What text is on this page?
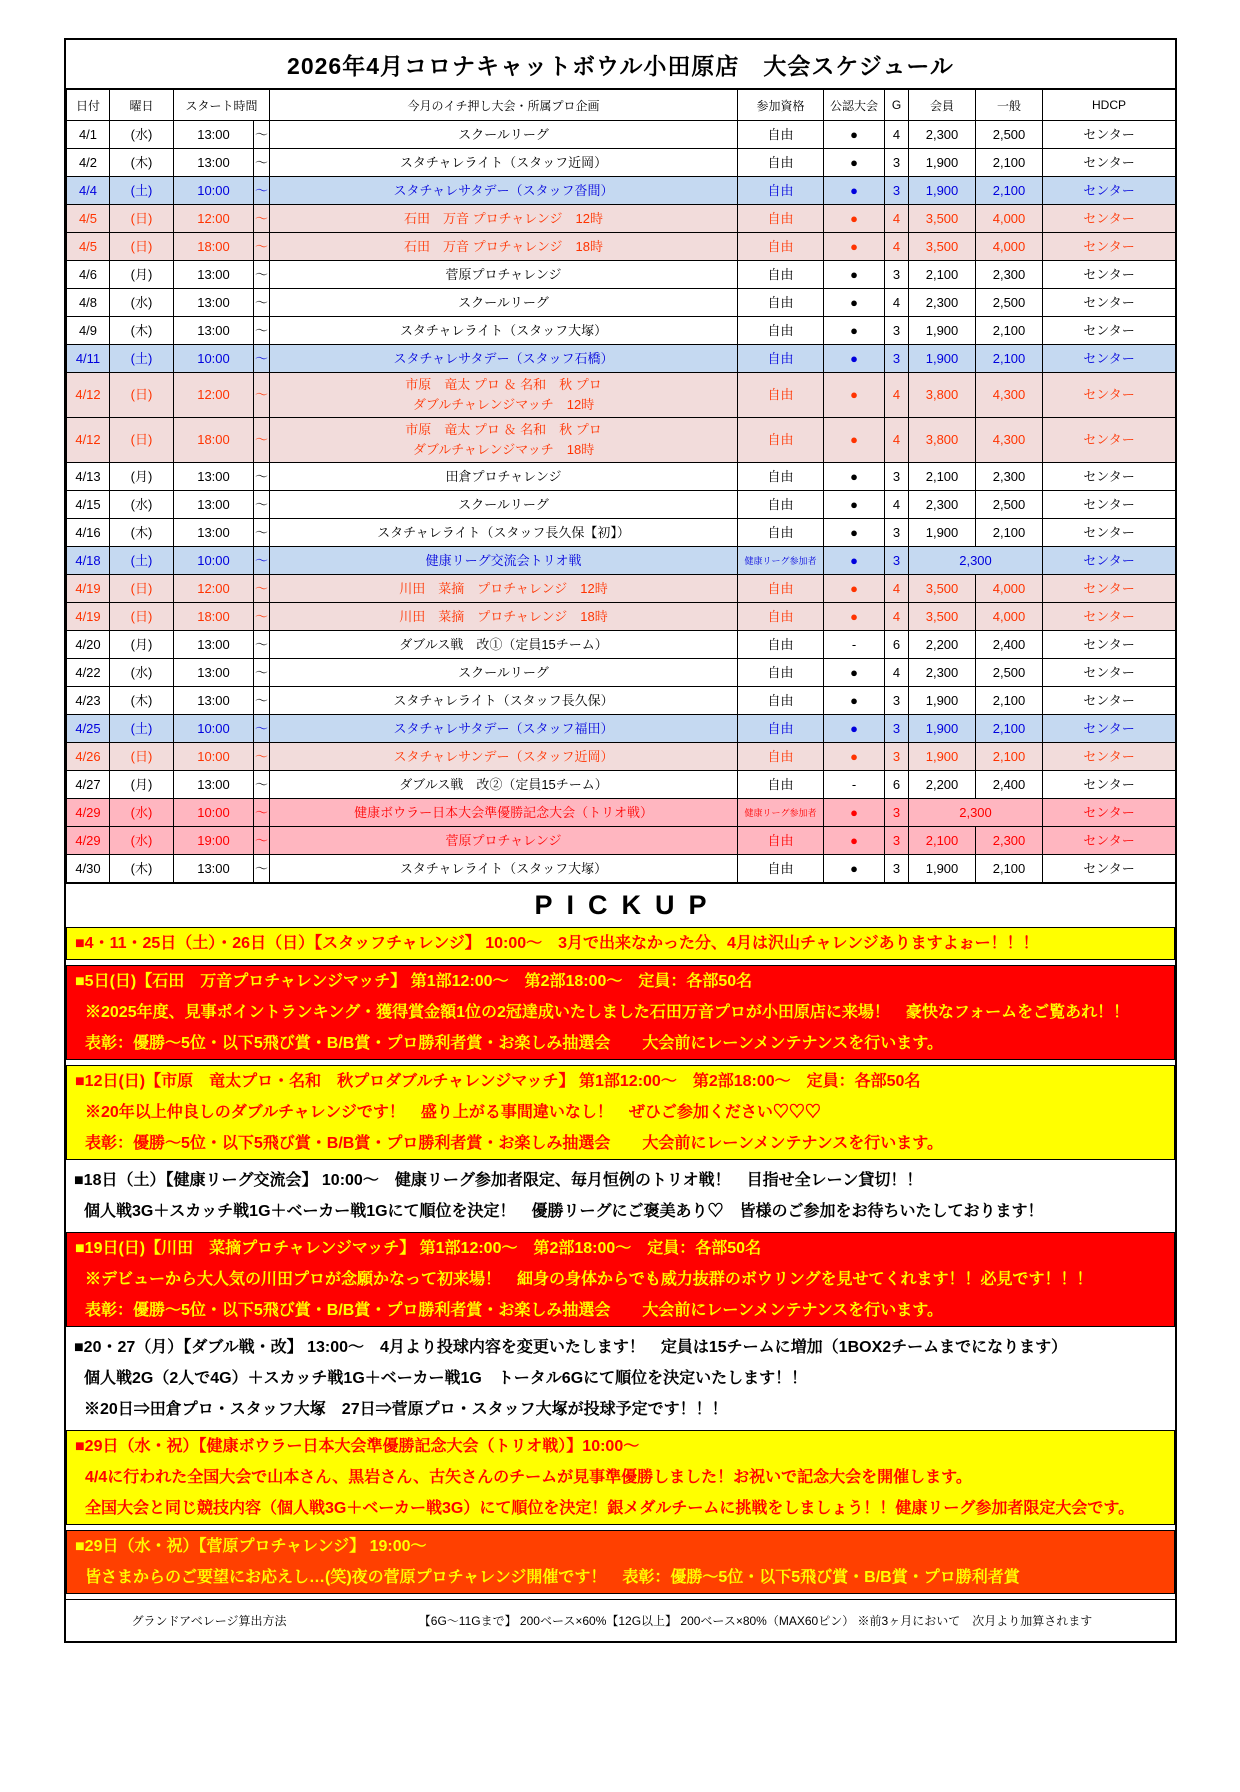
2026年4月コロナキャットボウル小田原店　大会スケジュール
日付	曜日	スタート時間		今月のイチ押し大会・所属プロ企画	参加資格	公認大会	G	会員	一般	HDCP
4/1	(水)	13:00	～	スクールリーグ	自由	●	4	2,300	2,500	センター
4/2	(木)	13:00	～	スタチャレライト（スタッフ近岡）	自由	●	3	1,900	2,100	センター
4/4	(土)	10:00	～	スタチャレサタデー（スタッフ沓間）	自由	●	3	1,900	2,100	センター
4/5	(日)	12:00	～	石田　万音 プロチャレンジ　12時	自由	●	4	3,500	4,000	センター
4/5	(日)	18:00	～	石田　万音 プロチャレンジ　18時	自由	●	4	3,500	4,000	センター
4/6	(月)	13:00	～	菅原プロチャレンジ	自由	●	3	2,100	2,300	センター
4/8	(水)	13:00	～	スクールリーグ	自由	●	4	2,300	2,500	センター
4/9	(木)	13:00	～	スタチャレライト（スタッフ大塚）	自由	●	3	1,900	2,100	センター
4/11	(土)	10:00	～	スタチャレサタデー（スタッフ石橋）	自由	●	3	1,900	2,100	センター
4/12	(日)	12:00	～	市原　竜太 プロ ＆ 名和　秋 プロ
ダブルチャレンジマッチ　12時	自由	●	4	3,800	4,300	センター
4/12	(日)	18:00	～	市原　竜太 プロ ＆ 名和　秋 プロ
ダブルチャレンジマッチ　18時	自由	●	4	3,800	4,300	センター
4/13	(月)	13:00	～	田倉プロチャレンジ	自由	●	3	2,100	2,300	センター
4/15	(水)	13:00	～	スクールリーグ	自由	●	4	2,300	2,500	センター
4/16	(木)	13:00	～	スタチャレライト（スタッフ長久保【初】）	自由	●	3	1,900	2,100	センター
4/18	(土)	10:00	～	健康リーグ交流会トリオ戦	健康リーグ参加者	●	3	2,300		センター
4/19	(日)	12:00	～	川田　菜摘　プロチャレンジ　12時	自由	●	4	3,500	4,000	センター
4/19	(日)	18:00	～	川田　菜摘　プロチャレンジ　18時	自由	●	4	3,500	4,000	センター
4/20	(月)	13:00	～	ダブルス戦　改①（定員15チーム）	自由	-	6	2,200	2,400	センター
4/22	(水)	13:00	～	スクールリーグ	自由	●	4	2,300	2,500	センター
4/23	(木)	13:00	～	スタチャレライト（スタッフ長久保）	自由	●	3	1,900	2,100	センター
4/25	(土)	10:00	～	スタチャレサタデー（スタッフ福田）	自由	●	3	1,900	2,100	センター
4/26	(日)	10:00	～	スタチャレサンデー（スタッフ近岡）	自由	●	3	1,900	2,100	センター
4/27	(月)	13:00	～	ダブルス戦　改②（定員15チーム）	自由	-	6	2,200	2,400	センター
4/29	(水)	10:00	～	健康ボウラー日本大会準優勝記念大会（トリオ戦）	健康リーグ参加者	●	3	2,300		センター
4/29	(水)	19:00	～	菅原プロチャレンジ	自由	●	3	2,100	2,300	センター
4/30	(木)	13:00	～	スタチャレライト（スタッフ大塚）	自由	●	3	1,900	2,100	センター
PICKUP
■4・11・25日（土）・26日（日）【スタッフチャレンジ】 10:00～　3月で出来なかった分、4月は沢山チャレンジありますよぉー！！！
■5日(日)【石田　万音プロチャレンジマッチ】 第1部12:00～　第2部18:00～　定員：各部50名
※2025年度、見事ポイントランキング・獲得賞金額1位の2冠達成いたしました石田万音プロが小田原店に来場！　豪快なフォームをご覧あれ！！
表彰：優勝～5位・以下5飛び賞・B/B賞・プロ勝利者賞・お楽しみ抽選会　　大会前にレーンメンテナンスを行います。
■12日(日)【市原　竜太プロ・名和　秋プロダブルチャレンジマッチ】 第1部12:00～　第2部18:00～　定員：各部50名
※20年以上仲良しのダブルチャレンジです！　盛り上がる事間違いなし！　ぜひご参加ください♡♡♡
表彰：優勝～5位・以下5飛び賞・B/B賞・プロ勝利者賞・お楽しみ抽選会　　大会前にレーンメンテナンスを行います。
■18日（土）【健康リーグ交流会】 10:00～　健康リーグ参加者限定、毎月恒例のトリオ戦！　目指せ全レーン貸切！！
個人戦3G＋スカッチ戦1G＋ベーカー戦1Gにて順位を決定！　優勝リーグにご褒美あり♡　皆様のご参加をお待ちいたしております！
■19日(日)【川田　菜摘プロチャレンジマッチ】 第1部12:00～　第2部18:00～　定員：各部50名
※デビューから大人気の川田プロが念願かなって初来場！　細身の身体からでも威力抜群のボウリングを見せてくれます！！必見です！！！
表彰：優勝～5位・以下5飛び賞・B/B賞・プロ勝利者賞・お楽しみ抽選会　　大会前にレーンメンテナンスを行います。
■20・27（月）【ダブル戦・改】 13:00～　4月より投球内容を変更いたします！　定員は15チームに増加（1BOX2チームまでになります）
個人戦2G（2人で4G）＋スカッチ戦1G＋ベーカー戦1G　トータル6Gにて順位を決定いたします！！
※20日⇒田倉プロ・スタッフ大塚　27日⇒菅原プロ・スタッフ大塚が投球予定です！！！
■29日（水・祝）【健康ボウラー日本大会準優勝記念大会（トリオ戦）】10:00～
4/4に行われた全国大会で山本さん、黒岩さん、古矢さんのチームが見事準優勝しました！お祝いで記念大会を開催します。
全国大会と同じ競技内容（個人戦3G＋ベーカー戦3G）にて順位を決定！銀メダルチームに挑戦をしましょう！！健康リーグ参加者限定大会です。
■29日（水・祝）【菅原プロチャレンジ】 19:00～
皆さまからのご要望にお応えし…(笑)夜の菅原プロチャレンジ開催です！　表彰：優勝～5位・以下5飛び賞・B/B賞・プロ勝利者賞
グランドアベレージ算出方法	【6G～11Gまで】 200ベース×60%【12G以上】 200ベース×80%（MAX60ピン） ※前3ヶ月において　次月より加算されます
